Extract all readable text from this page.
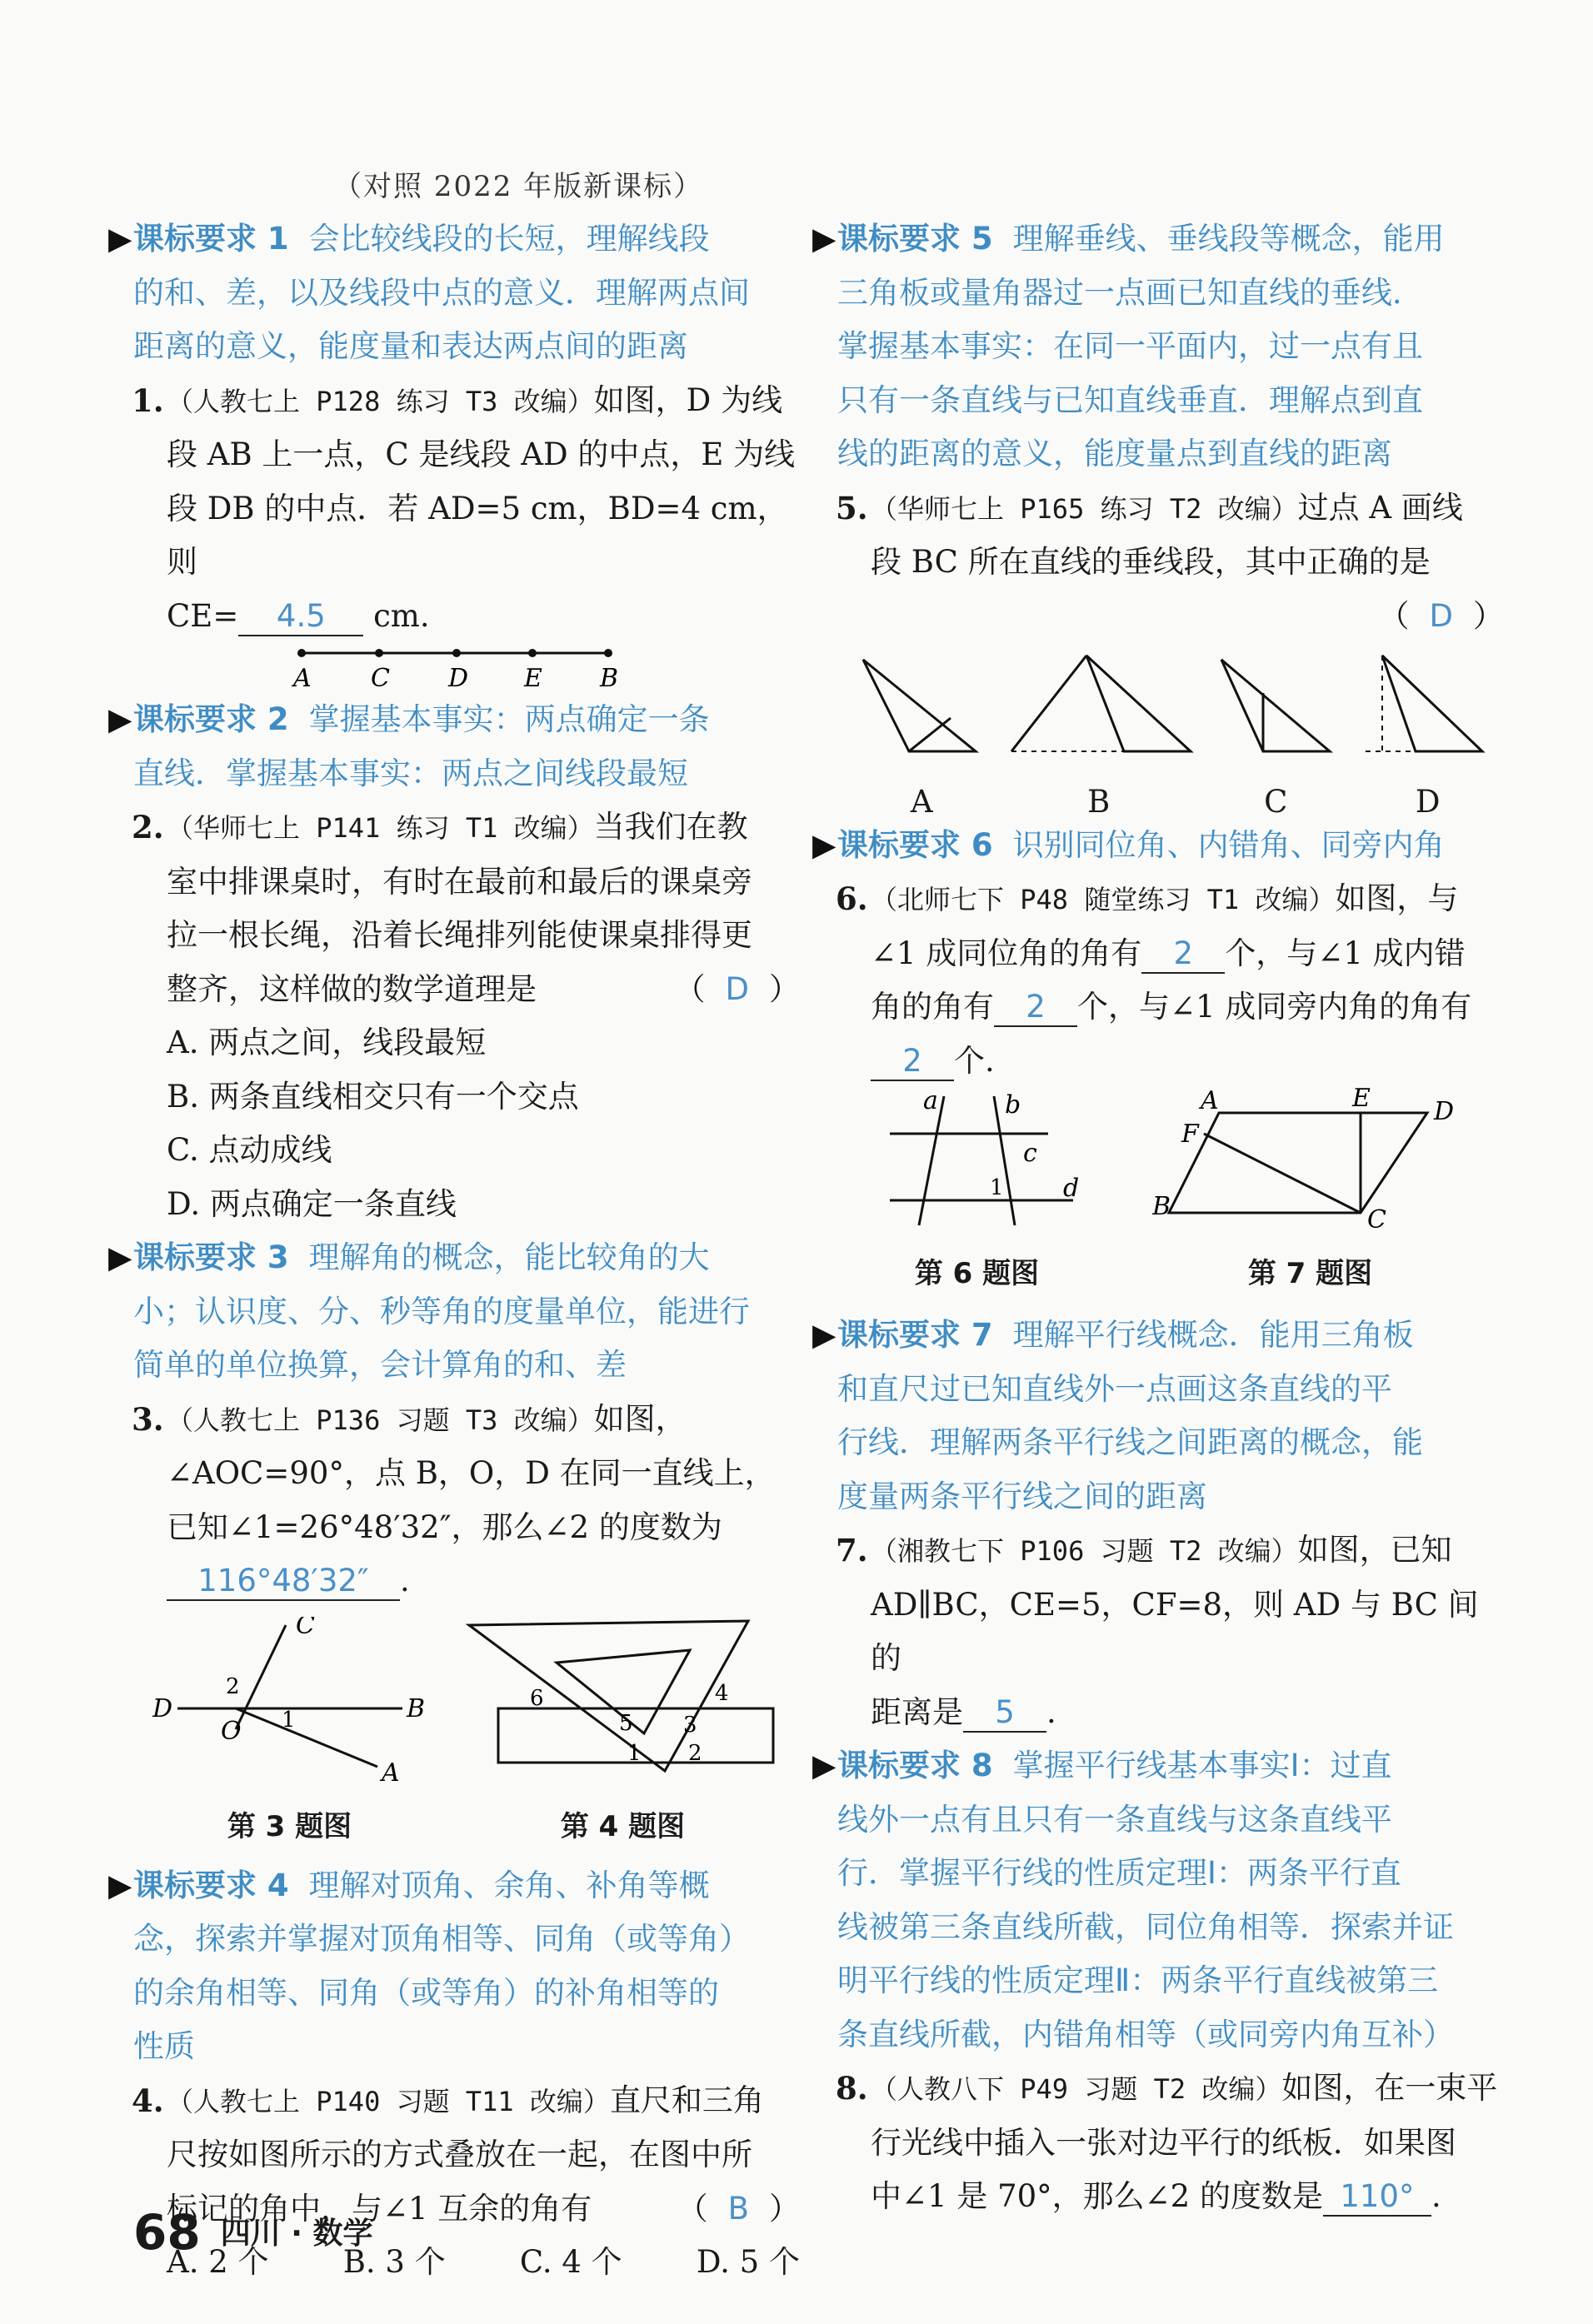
（对照 2022 年版新课标）
▶ 课标要求 1 会比较线段的长短，理解线段
的和、差，以及线段中点的意义．理解两点间
距离的意义，能度量和表达两点间的距离
1. （人教七上 P128 练习 T3 改编）如图，D 为线
段 AB 上一点，C 是线段 AD 的中点，E 为线
段 DB 的中点．若 AD=5 cm，BD=4 cm，则
CE= 4.5 cm.
A C D E B
▶ 课标要求 2 掌握基本事实：两点确定一条
直线．掌握基本事实：两点之间线段最短
2. （华师七上 P141 练习 T1 改编）当我们在教
室中排课桌时，有时在最前和最后的课桌旁
拉一根长绳，沿着长绳排列能使课桌排得更
整齐，这样做的数学道理是	（ D ）
A. 两点之间，线段最短
B. 两条直线相交只有一个交点
C. 点动成线
D. 两点确定一条直线
▶ 课标要求 3 理解角的概念，能比较角的大
小；认识度、分、秒等角的度量单位，能进行
简单的单位换算，会计算角的和、差
3. （人教七上 P136 习题 T3 改编）如图，
∠AOC=90°，点 B，O，D 在同一直线上，
已知∠1=26°48′32″，那么∠2 的度数为
116°48′32″ .
C
D	B
O
A
1
2
第 3 题图
6
5
4
3
1 2
第 4 题图
▶ 课标要求 4 理解对顶角、余角、补角等概
念，探索并掌握对顶角相等、同角（或等角）
的余角相等、同角（或等角）的补角相等的
性质
4. （人教七上 P140 习题 T11 改编）直尺和三角
尺按如图所示的方式叠放在一起，在图中所
标记的角中，与∠1 互余的角有	（ B ）
A. 2 个 B. 3 个 C. 4 个 D. 5 个
▶ 课标要求 5 理解垂线、垂线段等概念，能用
三角板或量角器过一点画已知直线的垂线．
掌握基本事实：在同一平面内，过一点有且
只有一条直线与已知直线垂直．理解点到直
线的距离的意义，能度量点到直线的距离
5. （华师七上 P165 练习 T2 改编）过点 A 画线
段 BC 所在直线的垂线段，其中正确的是
（ D ）
A	B	C	D
▶ 课标要求 6 识别同位角、内错角、同旁内角
6. （北师七下 P48 随堂练习 T1 改编）如图，与
∠1 成同位角的角有 2 个，与∠1 成内错
角的角有 2 个，与∠1 成同旁内角的角有
2 个.
a	b
c
1 d
第 6 题图
A	E	D
F
B	C
第 7 题图
▶ 课标要求 7 理解平行线概念．能用三角板
和直尺过已知直线外一点画这条直线的平
行线．理解两条平行线之间距离的概念，能
度量两条平行线之间的距离
7. （湘教七下 P106 习题 T2 改编）如图，已知
AD∥BC，CE=5，CF=8，则 AD 与 BC 间的
距离是 5 .
▶ 课标要求 8 掌握平行线基本事实Ⅰ：过直
线外一点有且只有一条直线与这条直线平
行．掌握平行线的性质定理Ⅰ：两条平行直
线被第三条直线所截，同位角相等．探索并证
明平行线的性质定理Ⅱ：两条平行直线被第三
条直线所截，内错角相等（或同旁内角互补）
8. （人教八下 P49 习题 T2 改编）如图，在一束平
行光线中插入一张对边平行的纸板．如果图
中∠1 是 70°，那么∠2 的度数是 110° .
68 四川 · 数学
